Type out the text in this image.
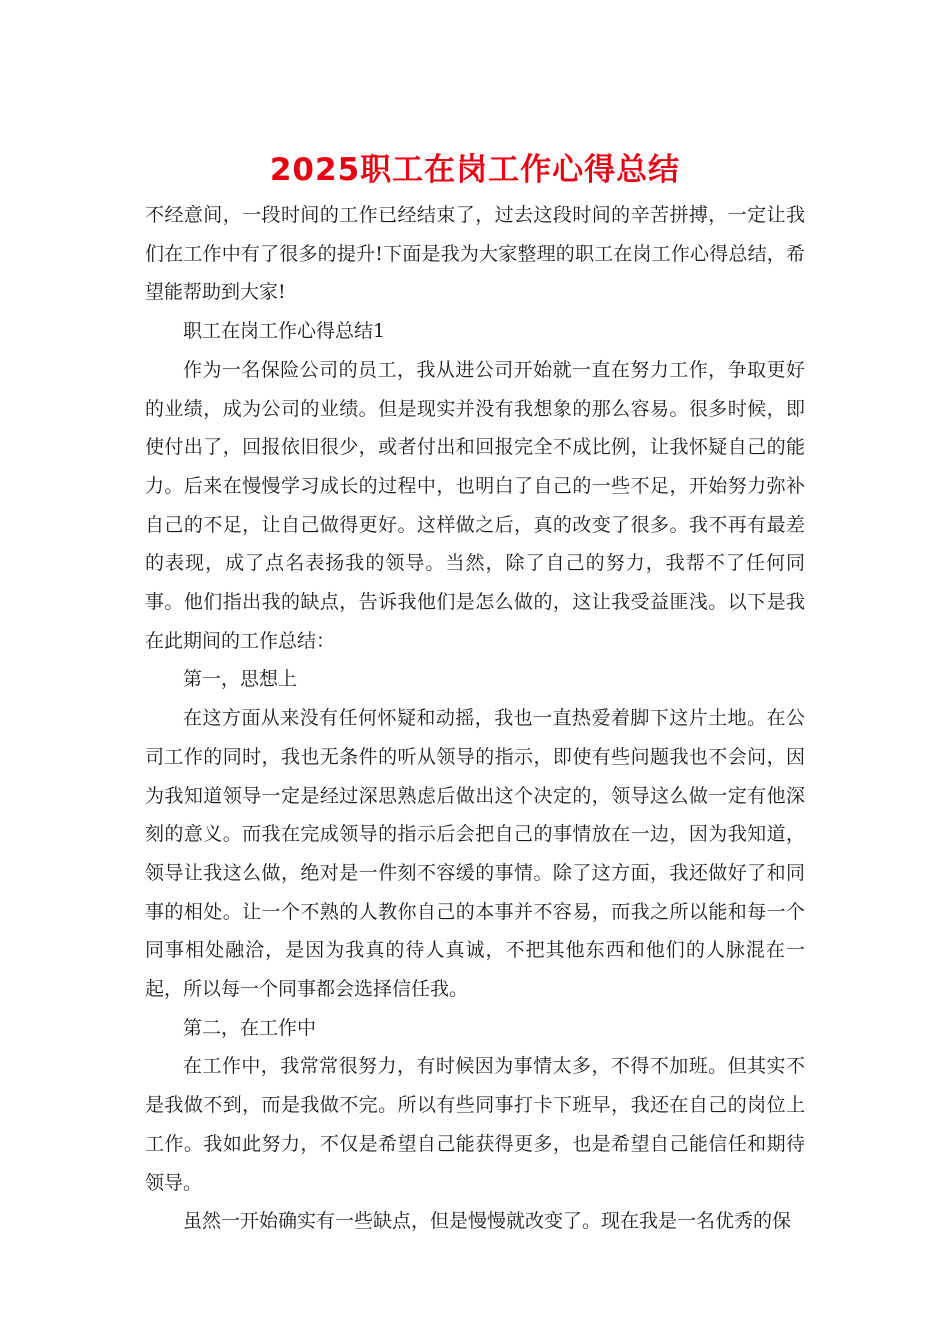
2025职工在岗工作心得总结

不经意间，一段时间的工作已经结束了，过去这段时间的辛苦拼搏，一定让我们在工作中有了很多的提升!下面是我为大家整理的职工在岗工作心得总结，希望能帮助到大家!

职工在岗工作心得总结1

作为一名保险公司的员工，我从进公司开始就一直在努力工作，争取更好的业绩，成为公司的业绩。但是现实并没有我想象的那么容易。很多时候，即使付出了，回报依旧很少，或者付出和回报完全不成比例，让我怀疑自己的能力。后来在慢慢学习成长的过程中，也明白了自己的一些不足，开始努力弥补自己的不足，让自己做得更好。这样做之后，真的改变了很多。我不再有最差的表现，成了点名表扬我的领导。当然，除了自己的努力，我帮不了任何同事。他们指出我的缺点，告诉我他们是怎么做的，这让我受益匪浅。以下是我在此期间的工作总结：

第一，思想上

在这方面从来没有任何怀疑和动摇，我也一直热爱着脚下这片土地。在公司工作的同时，我也无条件的听从领导的指示，即使有些问题我也不会问，因为我知道领导一定是经过深思熟虑后做出这个决定的，领导这么做一定有他深刻的意义。而我在完成领导的指示后会把自己的事情放在一边，因为我知道，领导让我这么做，绝对是一件刻不容缓的事情。除了这方面，我还做好了和同事的相处。让一个不熟的人教你自己的本事并不容易，而我之所以能和每一个同事相处融洽，是因为我真的待人真诚，不把其他东西和他们的人脉混在一起，所以每一个同事都会选择信任我。

第二，在工作中

在工作中，我常常很努力，有时候因为事情太多，不得不加班。但其实不是我做不到，而是我做不完。所以有些同事打卡下班早，我还在自己的岗位上工作。我如此努力，不仅是希望自己能获得更多，也是希望自己能信任和期待领导。

虽然一开始确实有一些缺点，但是慢慢就改变了。现在我是一名优秀的保
